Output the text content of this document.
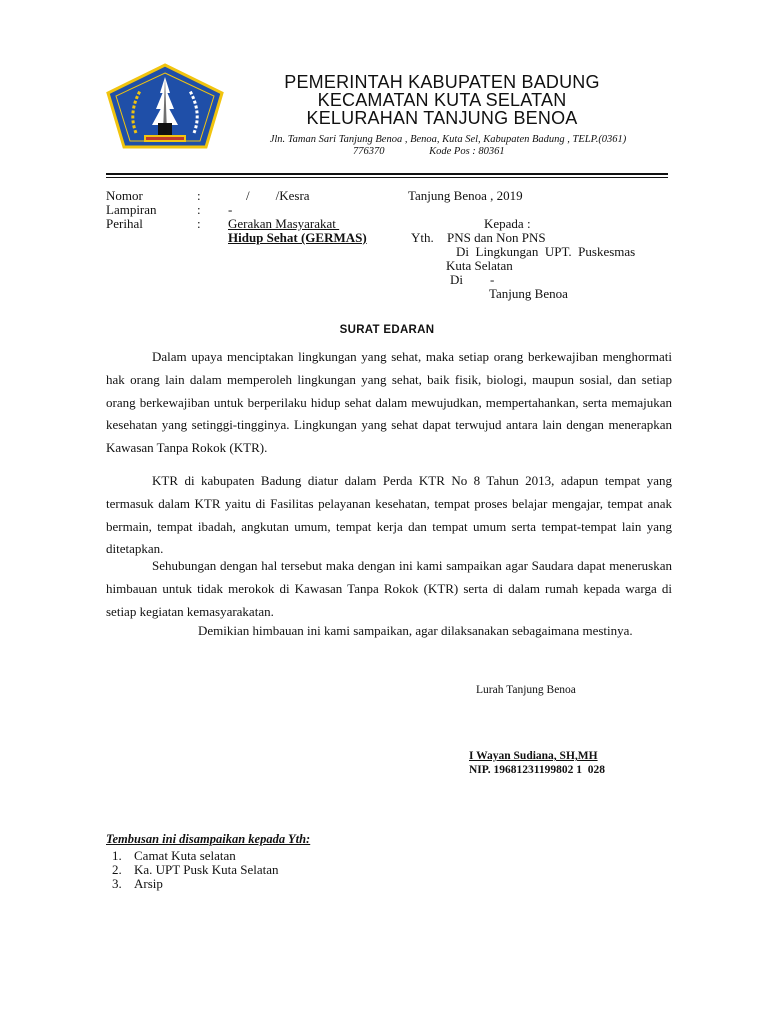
PEMERINTAH KABUPATEN BADUNG
KECAMATAN KUTA SELATAN
KELURAHAN TANJUNG BENOA
Jln. Taman Sari Tanjung Benoa , Benoa, Kuta Sel, Kabupaten Badung , TELP.(0361)
776370	Kode Pos : 80361
Nomor	:	/        /Kesra	Tanjung Benoa , 2019
Lampiran	: -
Perihal	: Gerakan Masyarakat
Hidup Sehat (GERMAS)
Kepada :
Yth. PNS dan Non PNS
Di  Lingkungan  UPT.  Puskesmas
Kuta Selatan
Di -
Tanjung Benoa
SURAT EDARAN
Dalam upaya menciptakan lingkungan yang sehat, maka setiap orang berkewajiban menghormati hak orang lain dalam memperoleh lingkungan yang sehat, baik fisik, biologi, maupun sosial, dan setiap orang berkewajiban untuk berperilaku hidup sehat dalam mewujudkan, mempertahankan, serta memajukan kesehatan yang setinggi-tingginya. Lingkungan yang sehat dapat terwujud antara lain dengan menerapkan Kawasan Tanpa Rokok (KTR).
KTR di kabupaten Badung diatur dalam Perda KTR No 8 Tahun 2013, adapun tempat yang termasuk dalam KTR yaitu di Fasilitas pelayanan kesehatan, tempat proses belajar mengajar, tempat anak bermain, tempat ibadah, angkutan umum, tempat kerja dan tempat umum serta tempat-tempat lain yang ditetapkan.
Sehubungan dengan hal tersebut maka dengan ini kami sampaikan agar Saudara dapat meneruskan himbauan untuk tidak merokok di Kawasan Tanpa Rokok (KTR) serta di dalam rumah kepada warga di setiap kegiatan kemasyarakatan.
Demikian himbauan ini kami sampaikan, agar dilaksanakan sebagaimana mestinya.
Lurah Tanjung Benoa
I Wayan Sudiana, SH,MH
NIP. 19681231199802 1  028
Tembusan ini disampaikan kepada Yth:
1. Camat Kuta selatan
2. Ka. UPT Pusk Kuta Selatan
3. Arsip
